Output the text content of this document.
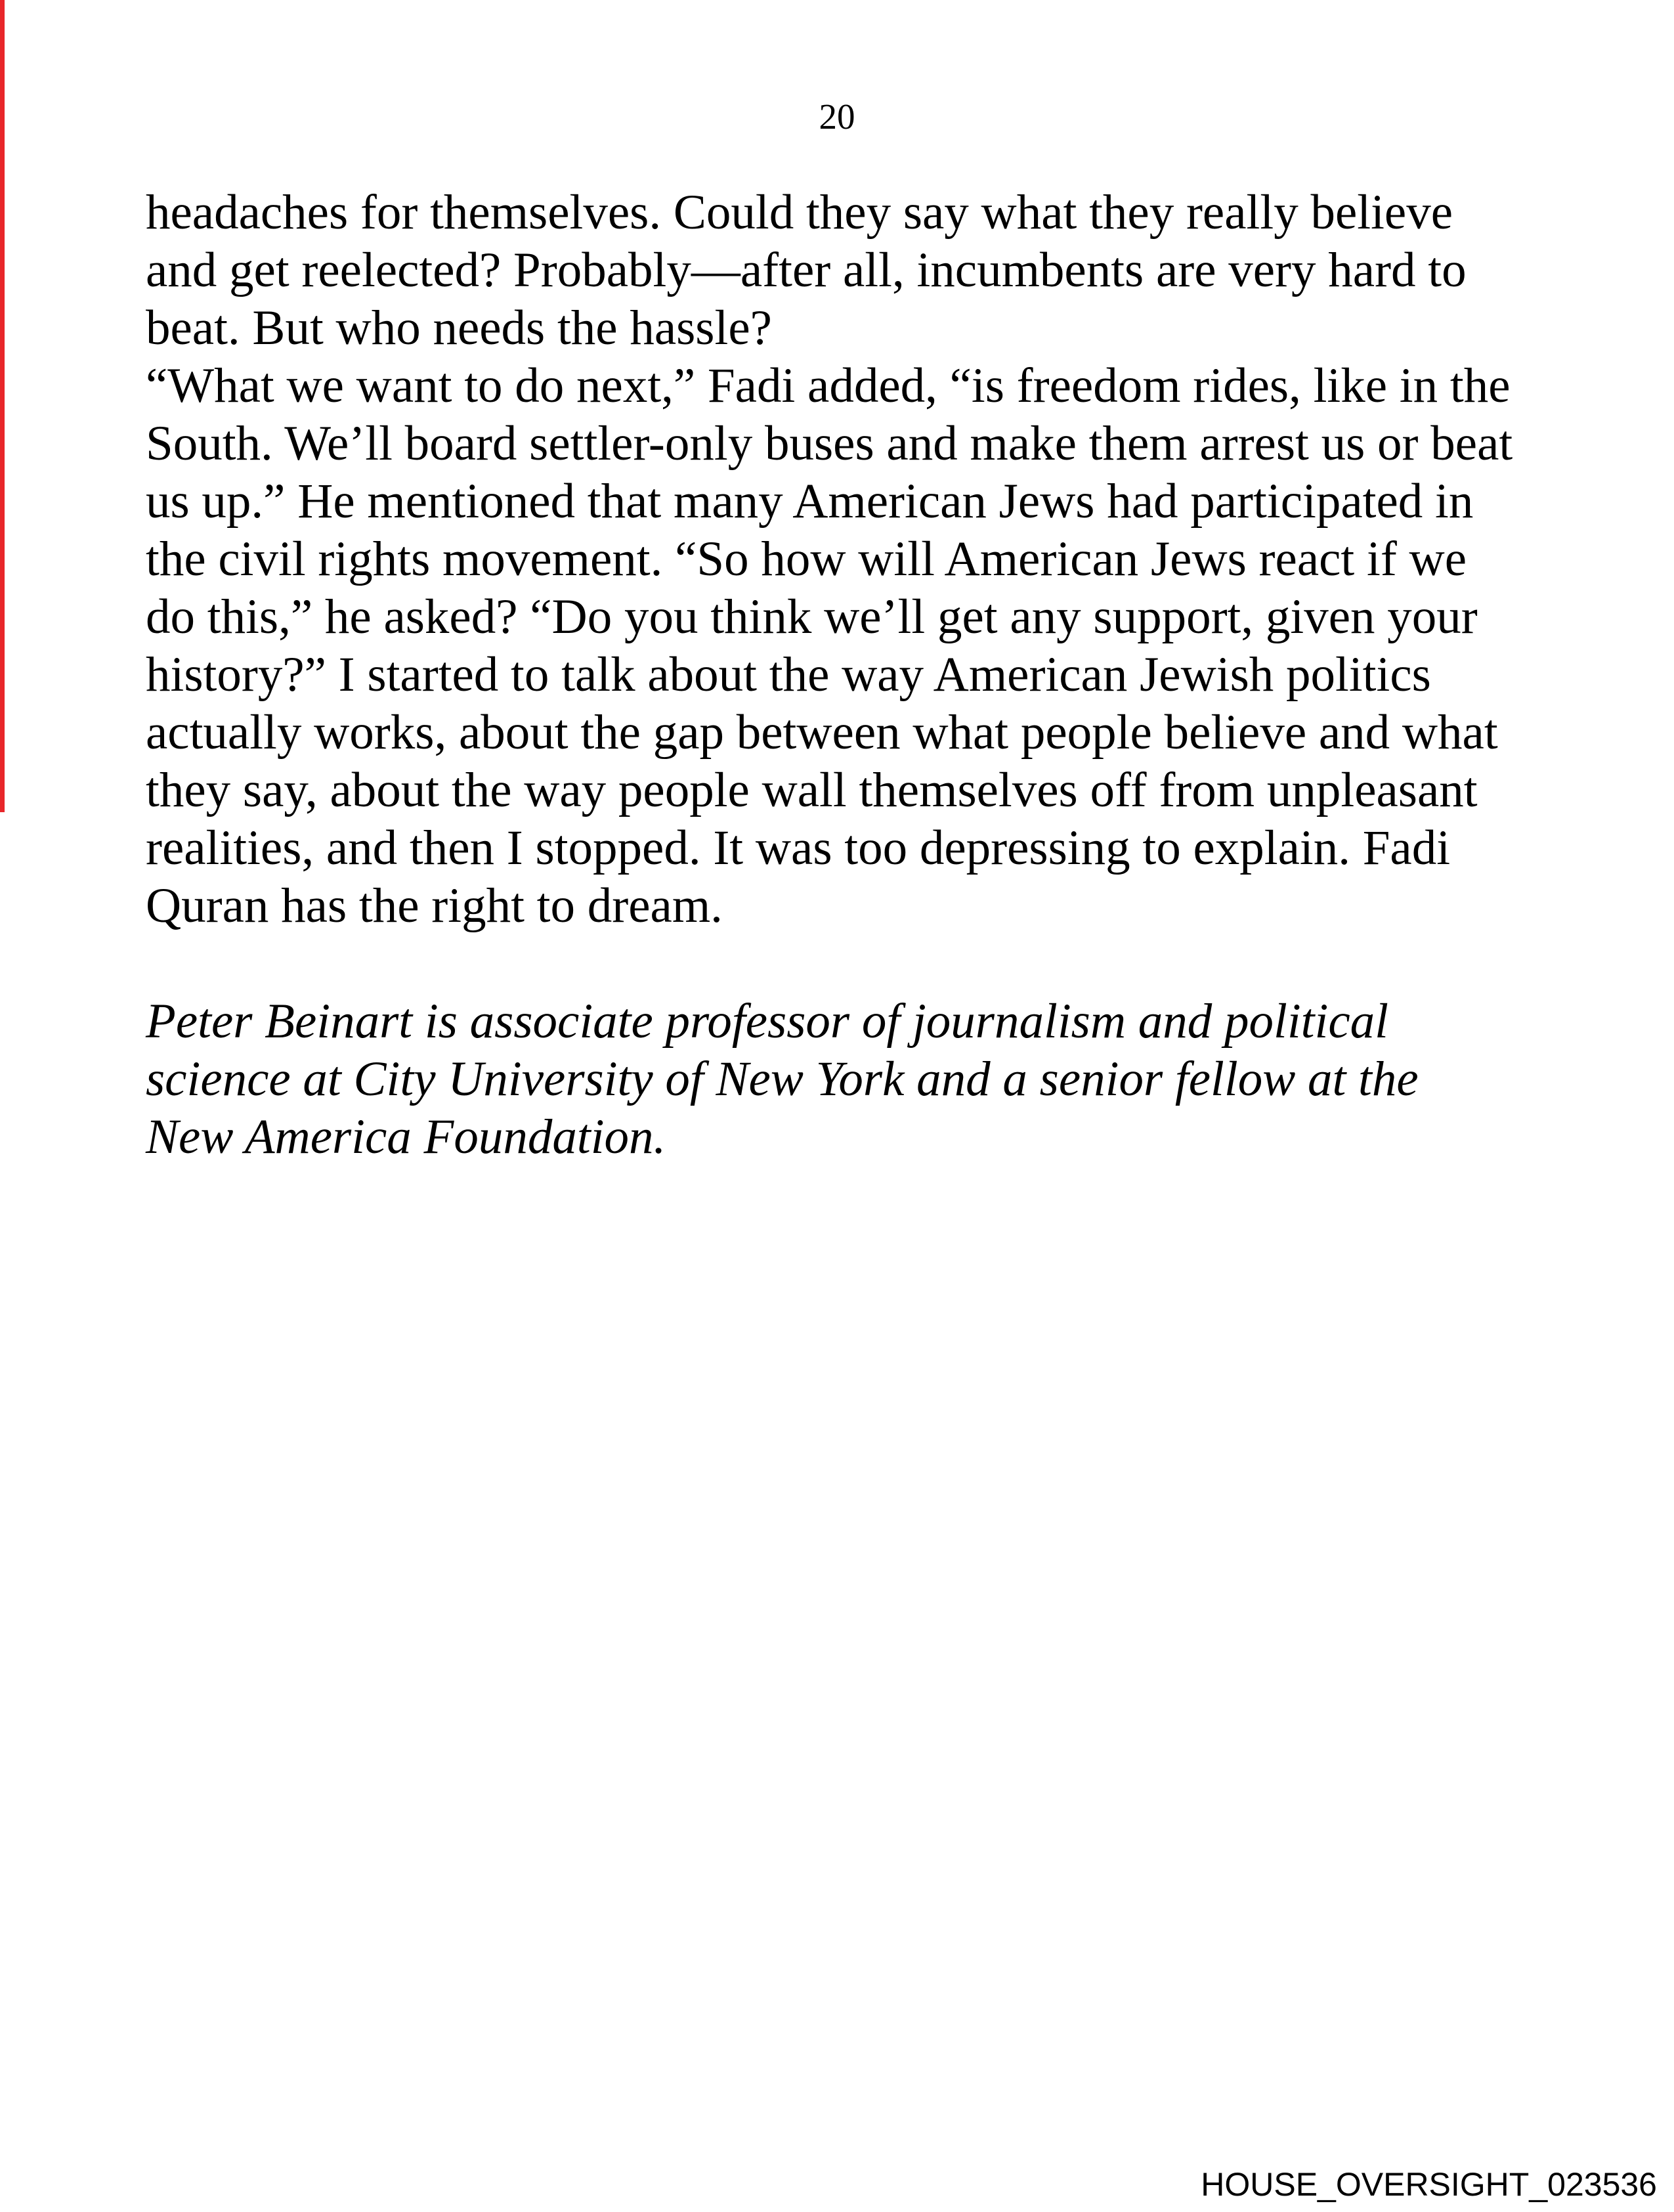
20
headaches for themselves. Could they say what they really believe
and get reelected? Probably—after all, incumbents are very hard to
beat. But who needs the hassle?
“What we want to do next,” Fadi added, “is freedom rides, like in the
South. We’ll board settler-only buses and make them arrest us or beat
us up.” He mentioned that many American Jews had participated in
the civil rights movement. “So how will American Jews react if we
do this,” he asked? “Do you think we’ll get any support, given your
history?” I started to talk about the way American Jewish politics
actually works, about the gap between what people believe and what
they say, about the way people wall themselves off from unpleasant
realities, and then I stopped. It was too depressing to explain. Fadi
Quran has the right to dream.
Peter Beinart is associate professor of journalism and political
science at City University of New York and a senior fellow at the
New America Foundation.
HOUSE_OVERSIGHT_023536
